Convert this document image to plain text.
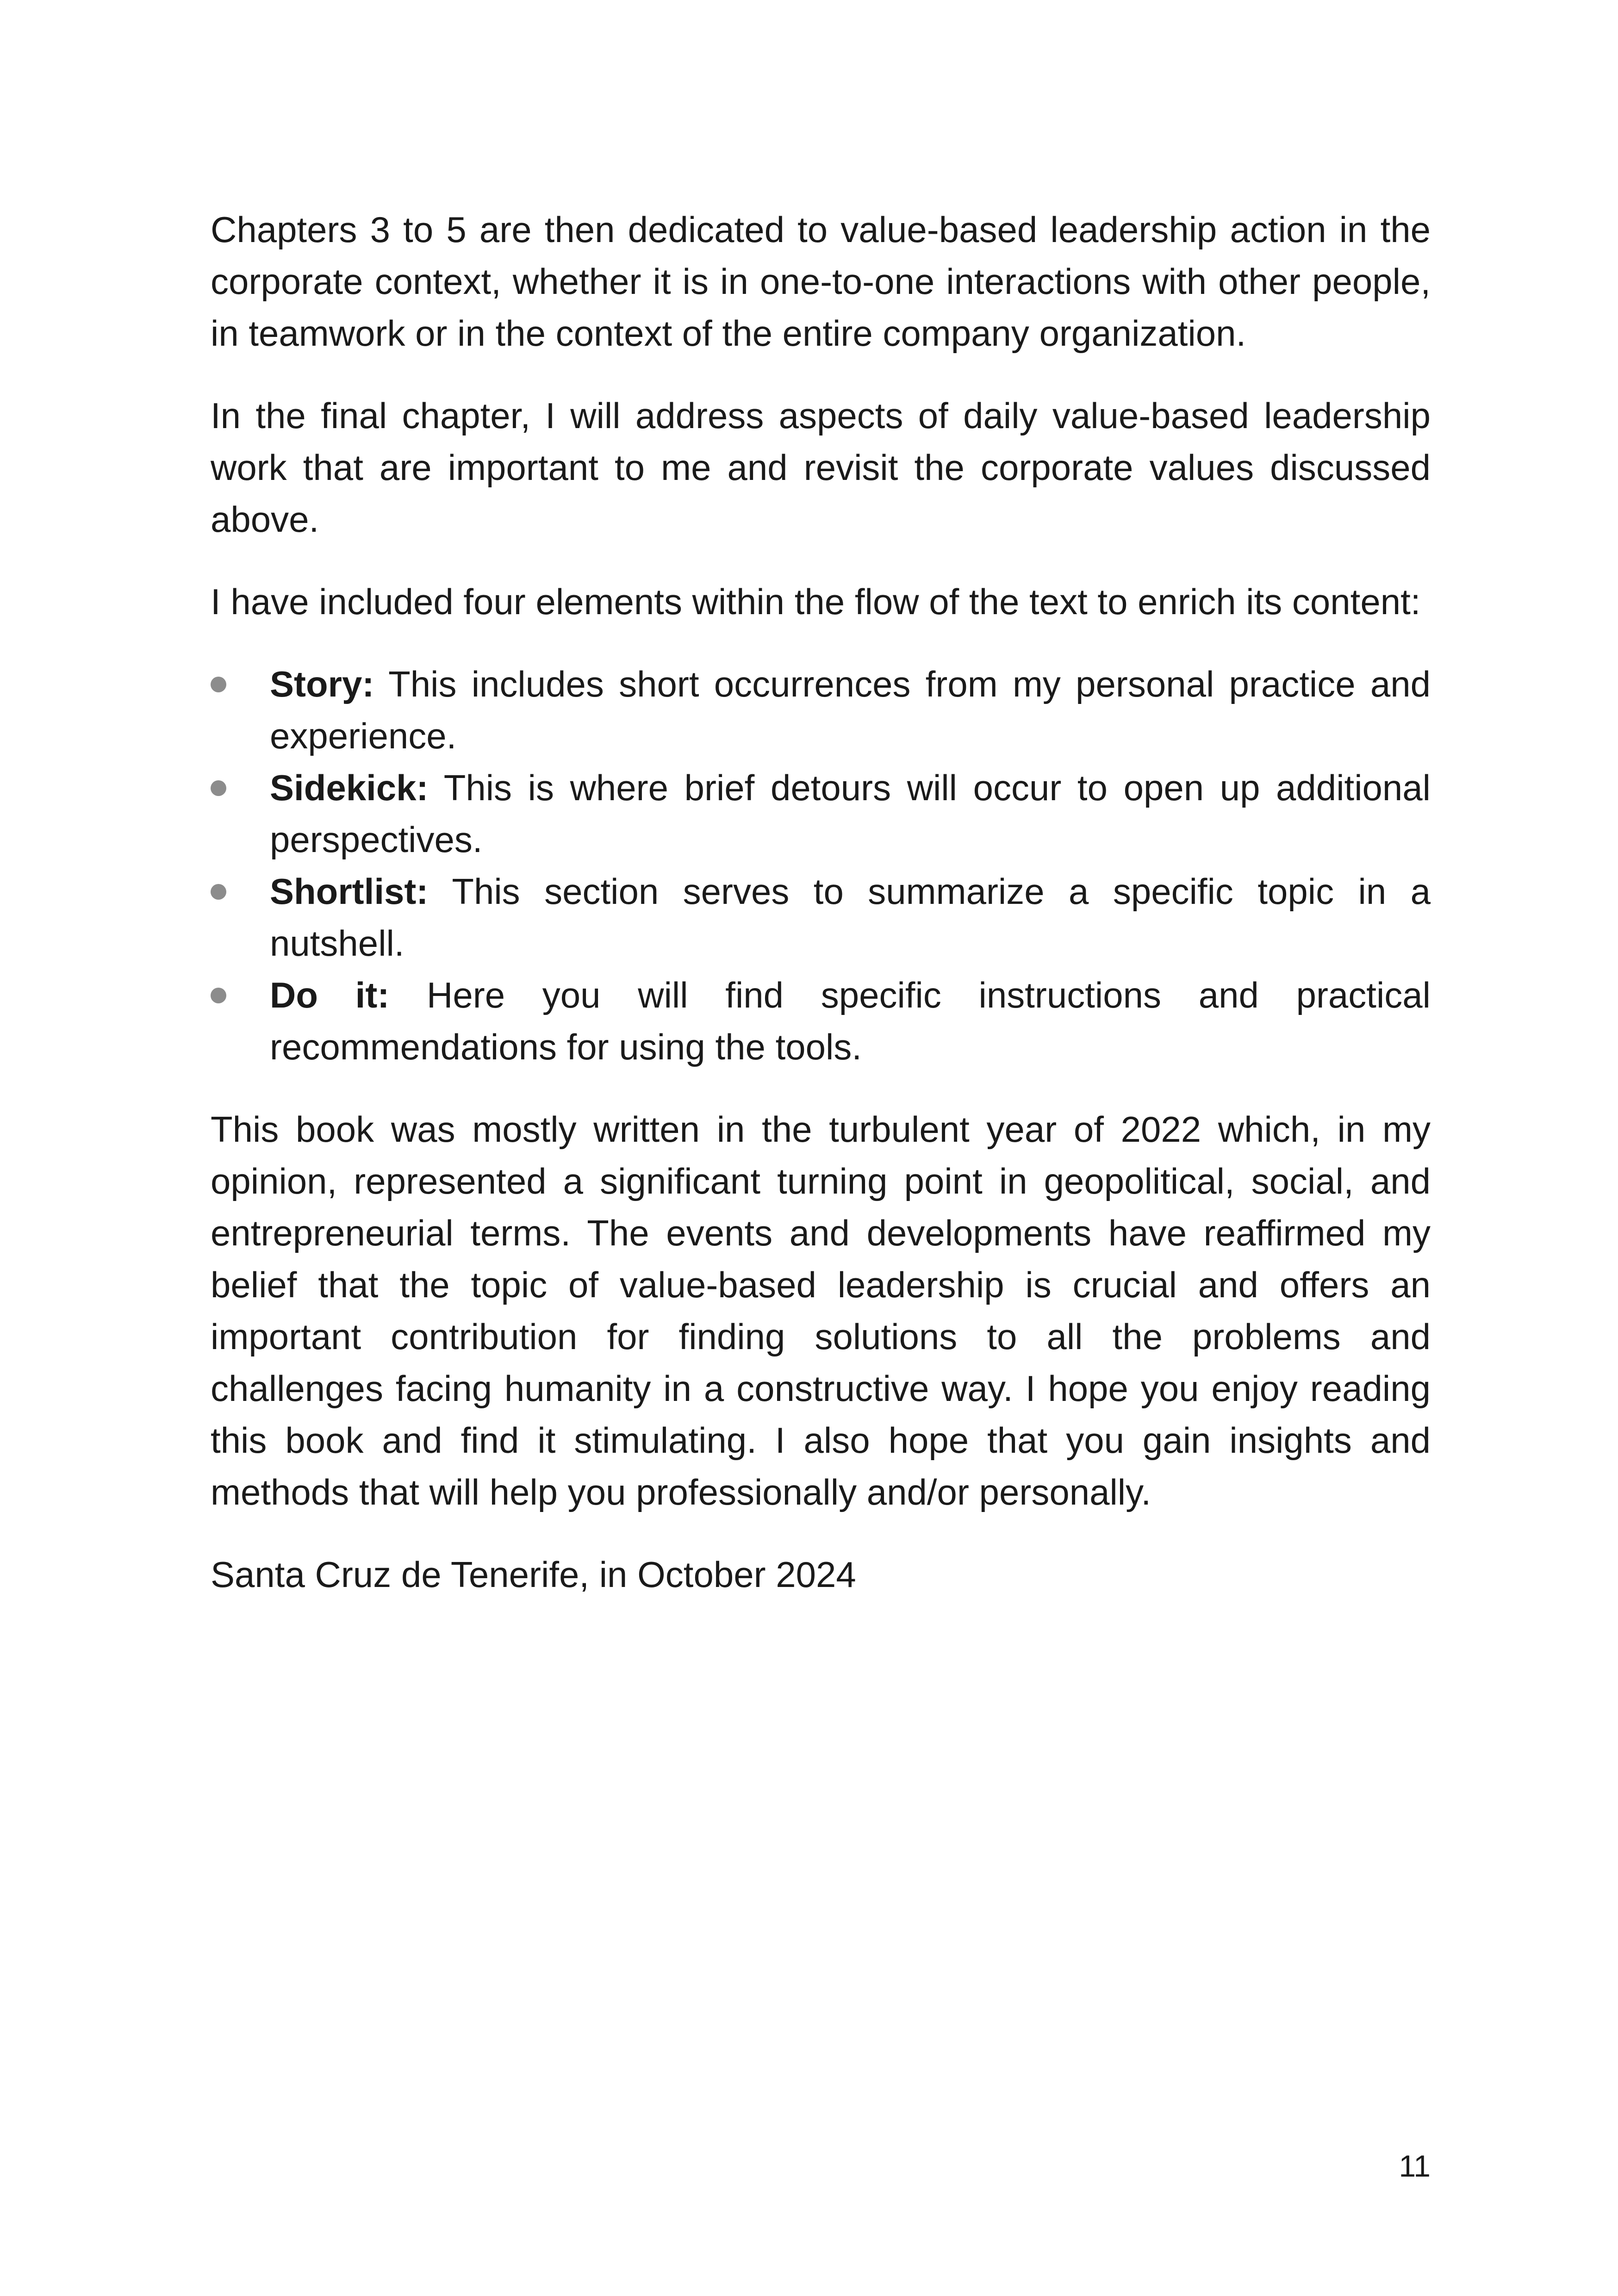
Chapters 3 to 5 are then dedicated to value-based leadership action in the corporate context, whether it is in one-to-one interactions with other people, in teamwork or in the context of the entire company organization.

In the final chapter, I will address aspects of daily value-based leadership work that are important to me and revisit the corporate values discussed above.

I have included four elements within the flow of the text to enrich its content:

Story: This includes short occurrences from my personal practice and experience.
Sidekick: This is where brief detours will occur to open up additional perspectives.
Shortlist: This section serves to summarize a specific topic in a nutshell.
Do it: Here you will find specific instructions and practical recommendations for using the tools.

This book was mostly written in the turbulent year of 2022 which, in my opinion, represented a significant turning point in geopolitical, social, and entrepreneurial terms. The events and developments have reaffirmed my belief that the topic of value-based leadership is crucial and offers an important contribution for finding solutions to all the problems and challenges facing humanity in a constructive way. I hope you enjoy reading this book and find it stimulating. I also hope that you gain insights and methods that will help you professionally and/or personally.

Santa Cruz de Tenerife, in October 2024

11
